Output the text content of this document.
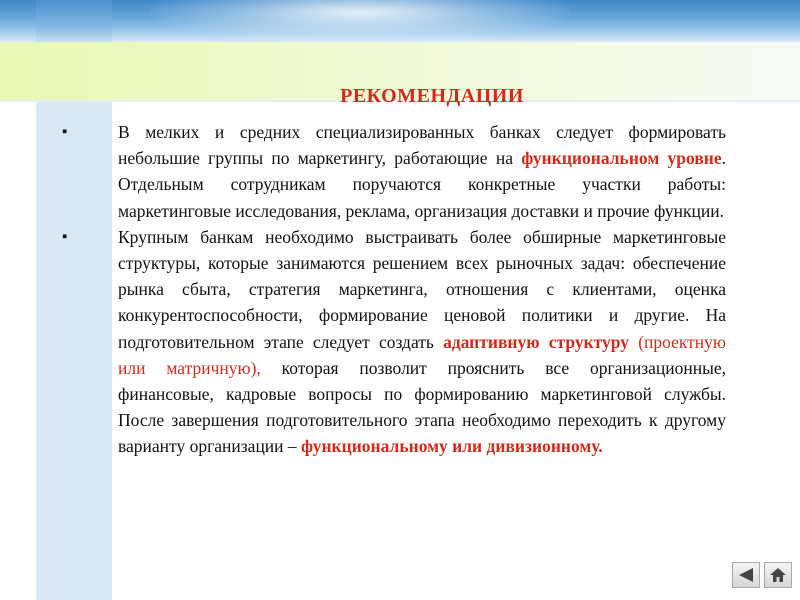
РЕКОМЕНДАЦИИ
▪	В мелких и средних специализированных банках следует формировать небольшие группы по маркетингу, работающие на функциональном уровне. Отдельным сотрудникам поручаются конкретные участки работы: маркетинговые исследования, реклама, организация доставки и прочие функции.
▪	Крупным банкам необходимо выстраивать более обширные маркетинговые структуры, которые занимаются решением всех рыночных задач: обеспечение рынка сбыта, стратегия маркетинга, отношения с клиентами, оценка конкурентоспособности, формирование ценовой политики и другие. На подготовительном этапе следует создать адаптивную структуру (проектную или матричную), которая позволит прояснить все организационные, финансовые, кадровые вопросы по формированию маркетинговой службы. После завершения подготовительного этапа необходимо переходить к другому варианту организации – функциональному или дивизионному.
